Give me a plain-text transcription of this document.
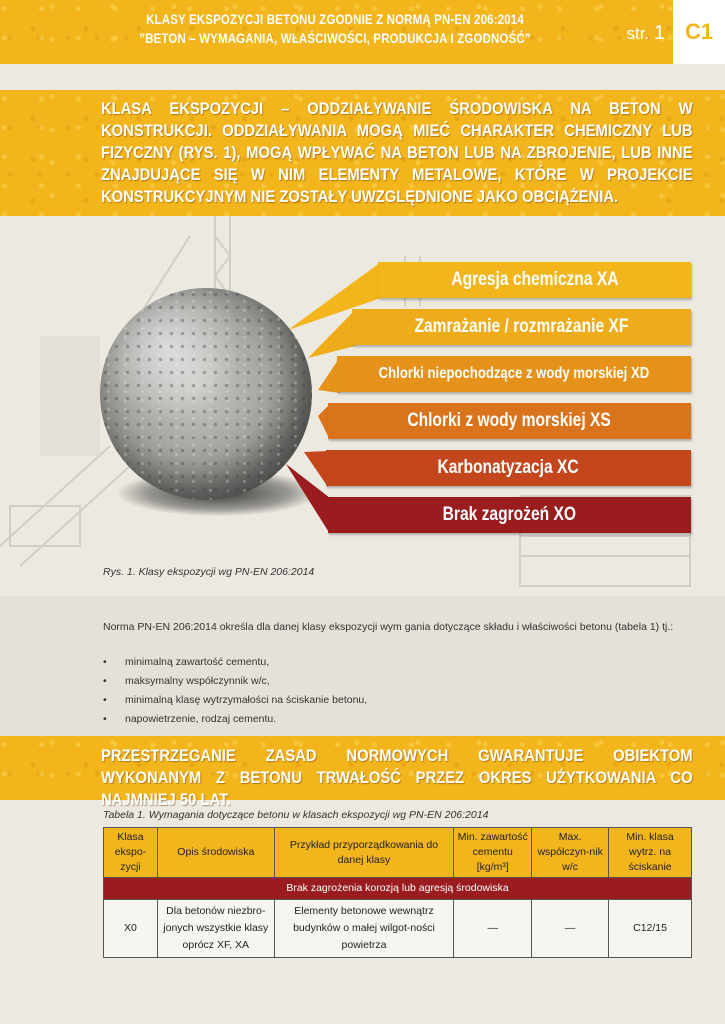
KLASY EKSPOZYCJI BETONU ZGODNIE Z NORMĄ PN-EN 206:2014
”BETON – WYMAGANIA, WŁAŚCIWOŚCI, PRODUKCJA I ZGODNOŚĆ”	str. 1 C1
KLASA EKSPOZYCJI – ODDZIAŁYWANIE ŚRODOWISKA NA BETON W KONSTRUKCJI. ODDZIAŁYWANIA MOGĄ MIEĆ CHARAKTER CHEMICZNY LUB FIZYCZNY (RYS. 1), MOGĄ WPŁYWAĆ NA BETON LUB NA ZBROJENIE, LUB INNE ZNAJDUJĄCE SIĘ W NIM ELEMENTY METALOWE, KTÓRE W PROJEKCIE KONSTRUKCYJNYM NIE ZOSTAŁY UWZGLĘDNIONE JAKO OBCIĄŻENIA.
Agresja chemiczna XA
Zamrażanie / rozmrażanie XF
Chlorki niepochodzące z wody morskiej XD
Chlorki z wody morskiej XS
Karbonatyzacja XC
Brak zagrożeń XO
Rys. 1. Klasy ekspozycji wg PN-EN 206:2014
Norma PN-EN 206:2014 określa dla danej klasy ekspozycji wym gania dotyczące składu i właściwości betonu (tabela 1) tj.:
• minimalną zawartość cementu,
• maksymalny współczynnik w/c,
• minimalną klasę wytrzymałości na ściskanie betonu,
• napowietrzenie, rodzaj cementu.
PRZESTRZEGANIE ZASAD NORMOWYCH GWARANTUJE OBIEKTOM WYKONANYM Z BETONU TRWAŁOŚĆ PRZEZ OKRES UŻYTKOWANIA CO NAJMNIEJ 50 LAT.
Tabela 1. Wymagania dotyczące betonu w klasach ekspozycji wg PN-EN 206:2014
Klasa ekspo-zycji	Opis środowiska	Przykład przyporządkowania do danej klasy	Min. zawartość cementu [kg/m³]	Max. współczyn-nik w/c	Min. klasa wytrz. na ściskanie
Brak zagrożenia korozją lub agresją środowiska					
X0	Dla betonów niezbro-jonych wszystkie klasy oprócz XF, XA	Elementy betonowe wewnątrz budynków o małej wilgot-ności powietrza	—	—	C12/15
